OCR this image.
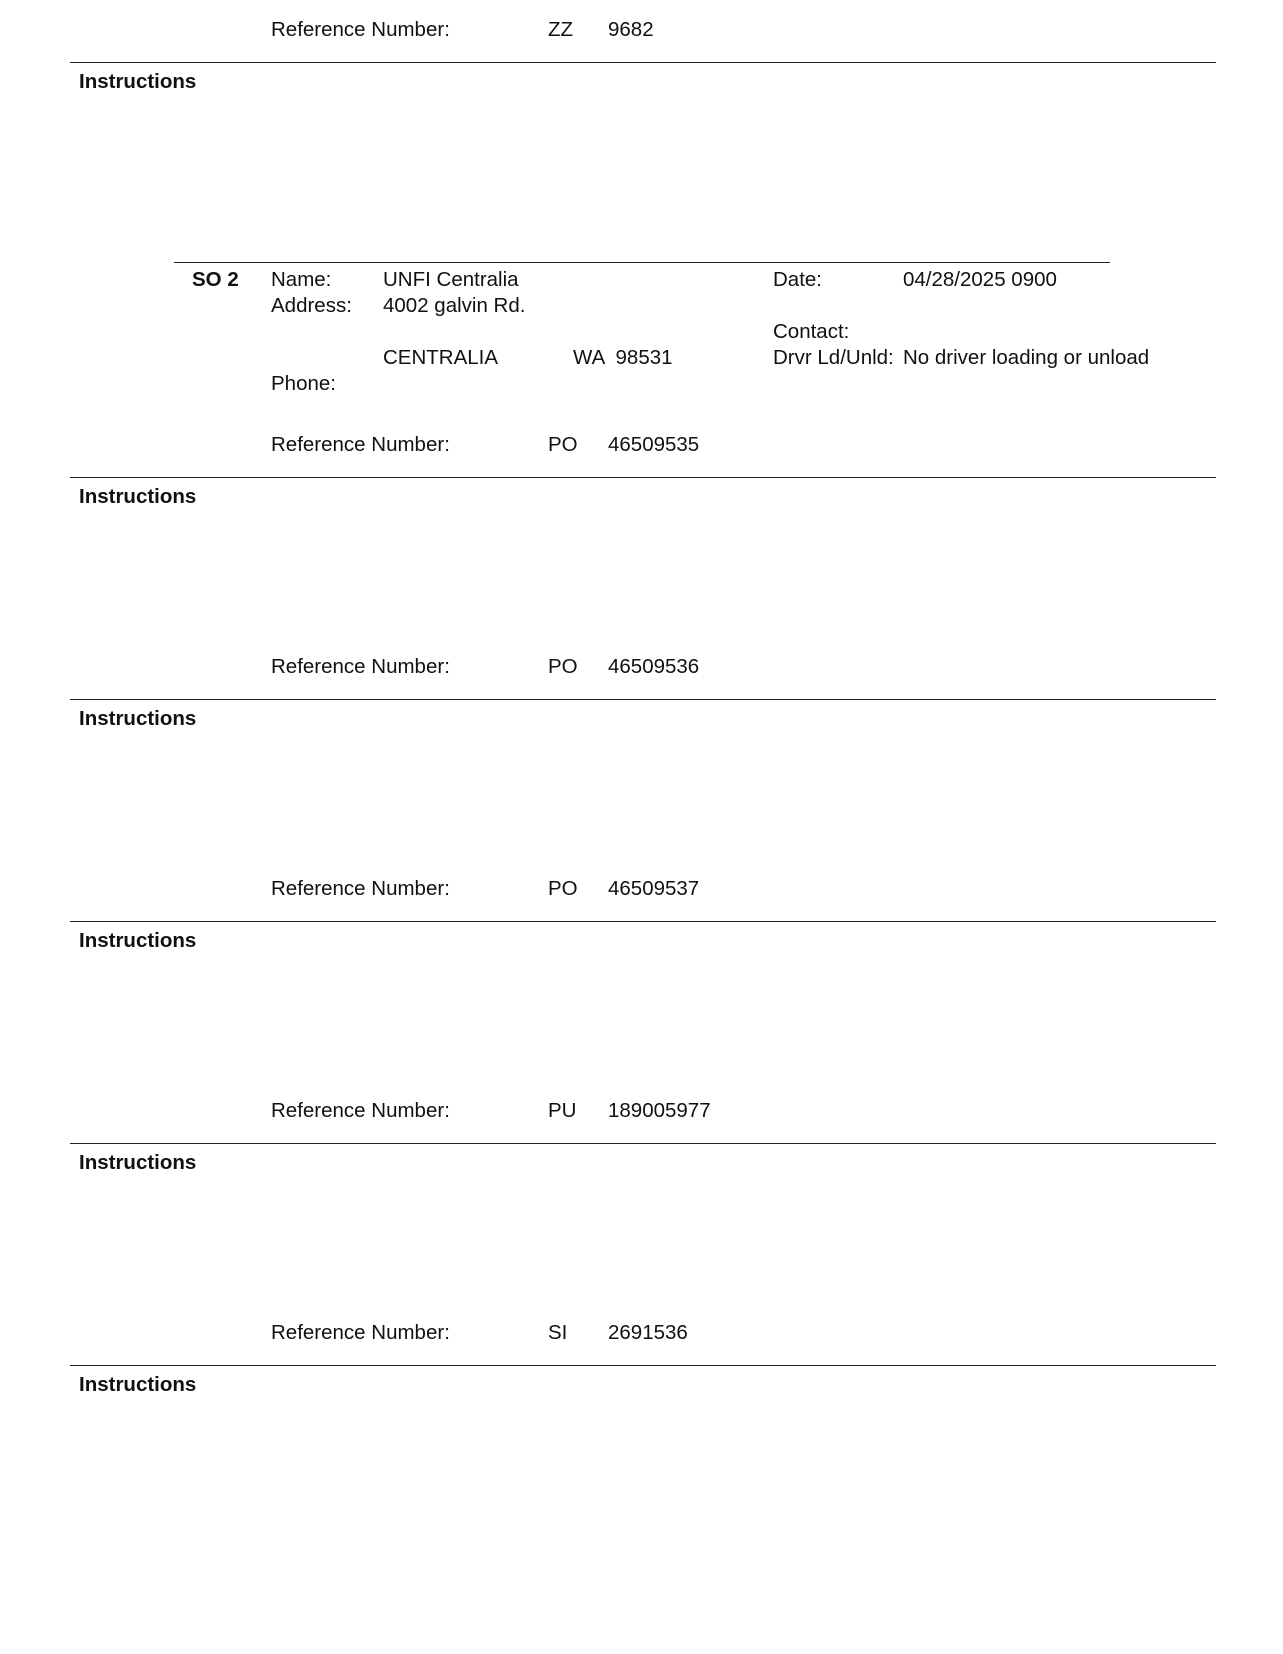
Reference Number:	ZZ 9682
Instructions
SO 2 Name:	UNFI Centralia	Date:	04/28/2025 0900
Address: 4002 galvin Rd.
Contact:
CENTRALIA	WA  98531	Drvr Ld/Unld: No driver loading or unload
Phone:
Reference Number:	PO 46509535
Instructions
Reference Number:	PO 46509536
Instructions
Reference Number:	PO 46509537
Instructions
Reference Number:	PU 189005977
Instructions
Reference Number:	SI 2691536
Instructions
